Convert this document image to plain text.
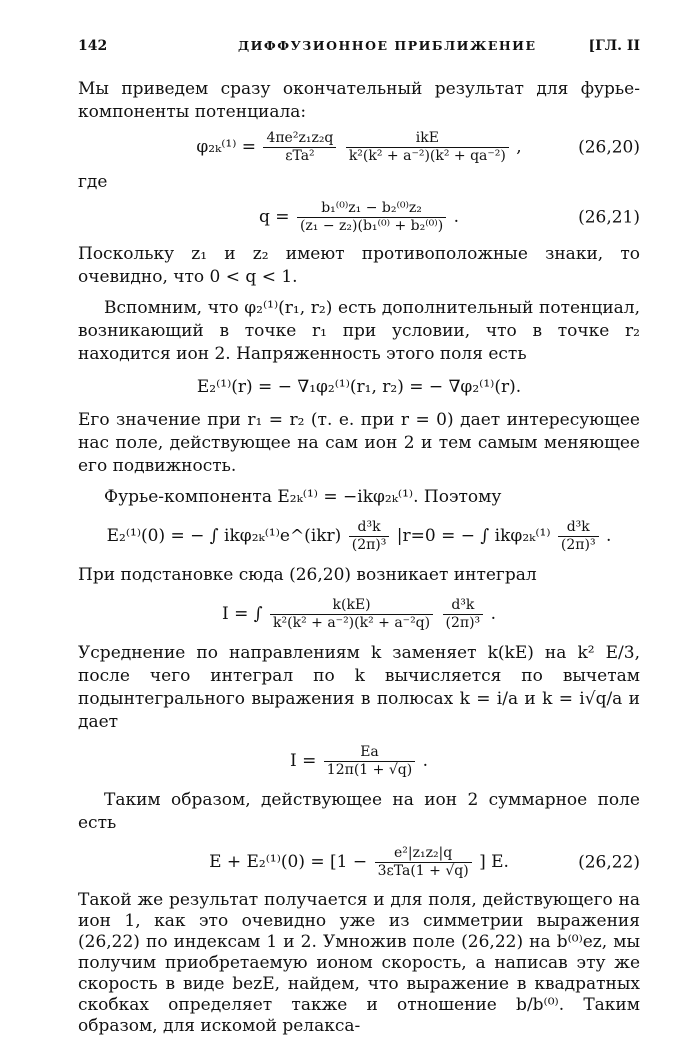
142	ДИФФУЗИОННОЕ ПРИБЛИЖЕНИЕ	[ГЛ. II

Мы приведем сразу окончательный результат для фурье-компоненты потенциала:

$\varphi_{2k}^{(1)} = \frac{\text{4πe²z₁z₂q}}{\text{εTa²}}$
$\frac{\text{ikE}}{\text{k²(k² + a⁻²)(k² + qa⁻²)}}$ ,	(26,20)

где

$q = \frac{\text{b₁⁽⁰⁾z₁ − b₂⁽⁰⁾z₂}}{\text{(z₁ − z₂)(b₁⁽⁰⁾ + b₂⁽⁰⁾)}}$ .	(26,21)

Поскольку z₁ и z₂ имеют противоположные знаки, то очевидно, что 0 < q < 1.

Вспомним, что φ₂⁽¹⁾(r₁, r₂) есть дополнительный потенциал, возникающий в точке r₁ при условии, что в точке r₂ находится ион 2. Напряженность этого поля есть

E₂⁽¹⁾(r) = − ∇₁φ₂⁽¹⁾(r₁, r₂) = − ∇φ₂⁽¹⁾(r).

Его значение при r₁ = r₂ (т. е. при r = 0) дает интересующее нас поле, действующее на сам ион 2 и тем самым меняющее его подвижность.

Фурье-компонента E₂ₖ⁽¹⁾ = −ikφ₂ₖ⁽¹⁾. Поэтому

E₂⁽¹⁾(0) = − ∫ ikφ₂ₖ⁽¹⁾e^(ikr) $\frac{\text{d³k}}{\text{(2π)³}} |r=0$ = − ∫ $ik\varphi_{2k}^{(1)} \frac{\text{d³k}}{\text{(2π)³}}$ .

При подстановке сюда (26,20) возникает интеграл

I = ∫ $\frac{k(kE)}{\text{k²(k² + a⁻²)(k² + a⁻²q)}}$
$\frac{\text{d³k}}{\text{(2π)³}}$ .

Усреднение по направлениям k заменяет k(kE) на k² E/3, после чего интеграл по k вычисляется по вычетам подынтегрального выражения в полюсах k = i/a и k = i√q/a и дает

$I = \frac{Ea}{12\pi(1 + √q)}$ .

Таким образом, действующее на ион 2 суммарное поле есть

$E + E_2^{(1)}(0) = [1 - \frac{\text{e²|z₁z₂|q}}{\text{3εTa(1 + √q)}}$ ] E.	(26,22)

Такой же результат получается и для поля, действующего на ион 1, как это очевидно уже из симметрии выражения (26,22) по индексам 1 и 2. Умножив поле (26,22) на b⁽⁰⁾ez, мы получим приобретаемую ионом скорость, а написав эту же скорость в виде bezE, найдем, что выражение в квадратных скобках определяет также и отношение b/b⁽⁰⁾. Таким образом, для искомой релакса-
